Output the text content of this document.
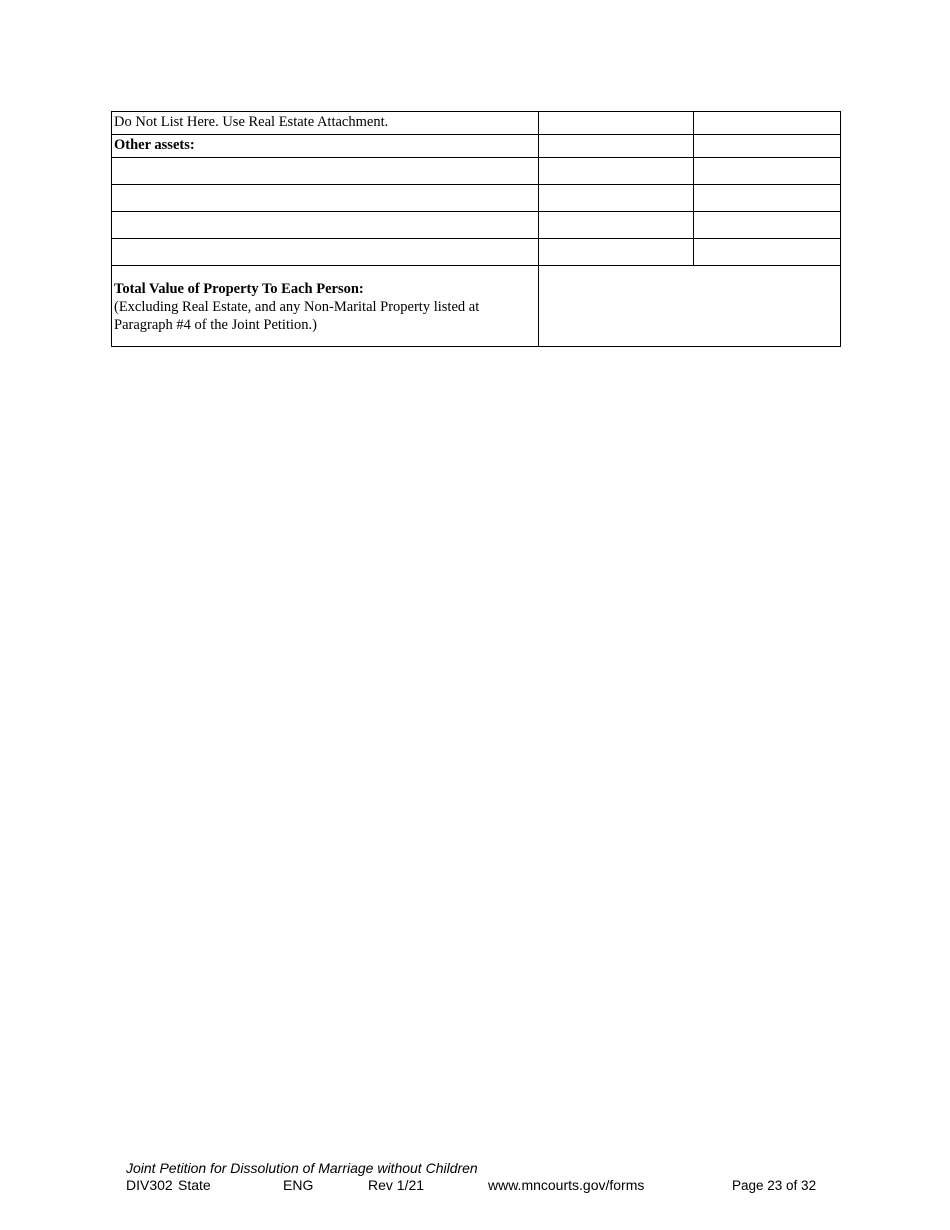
Do Not List Here. Use Real Estate Attachment.		
Other assets:		

Total Value of Property To Each Person:
(Excluding Real Estate, and any Non-Marital Property listed at Paragraph #4 of the Joint Petition.)		

Joint Petition for Dissolution of Marriage without Children
DIV302 State	ENG	Rev 1/21	www.mncourts.gov/forms	Page 23 of 32
